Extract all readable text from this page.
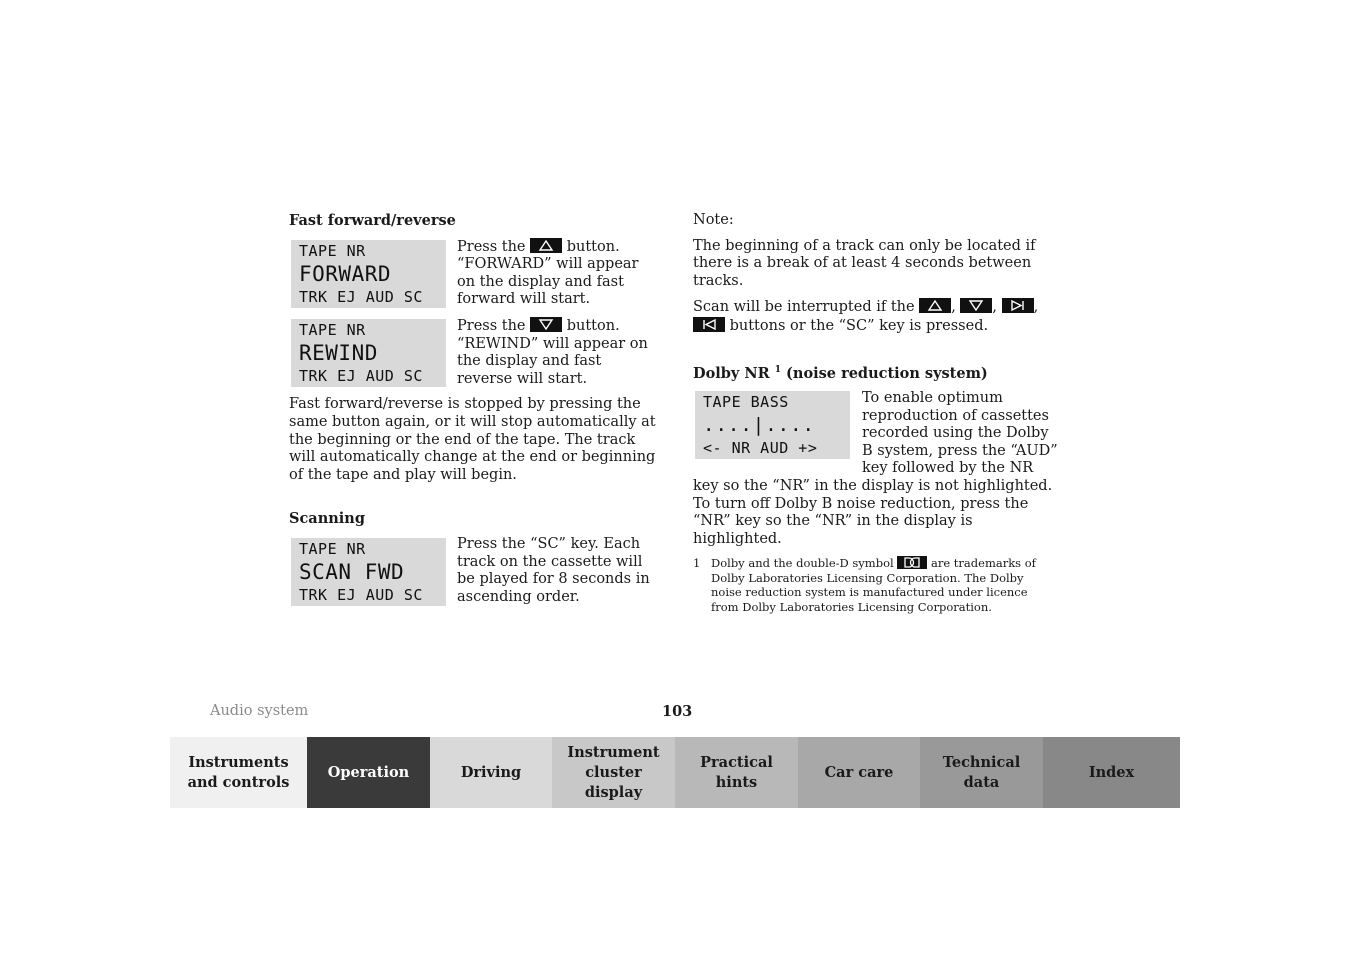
Fast forward/reverse
TAPE NR
FORWARD
TRK EJ AUD SC
Press the
button. “FORWARD” will appear on the display and fast forward will start.
TAPE NR
REWIND
TRK EJ AUD SC
Press the
button. “REWIND” will appear on the display and fast reverse will start.
Fast forward/reverse is stopped by pressing the same button again, or it will stop automatically at the beginning or the end of the tape. The track will automatically change at the end or beginning of the tape and play will begin.
Scanning
TAPE NR
SCAN FWD
TRK EJ AUD SC
Press the “SC” key. Each track on the cassette will be played for 8 seconds in ascending order.
Note:
The beginning of a track can only be located if there is a break of at least 4 seconds between tracks.
Scan will be interrupted if the
,
,
,
buttons or the “SC” key is pressed.
Dolby NR $^1$ (noise reduction system)
TAPE BASS
....|....
<- NR AUD +>
To enable optimum reproduction of cassettes recorded using the Dolby B system, press the “AUD” key followed by the NR key so the “NR” in the display is not highlighted. To turn off Dolby B noise reduction, press the “NR” key so the “NR” in the display is highlighted.
1 Dolby and the double-D symbol	are trademarks of Dolby Laboratories Licensing Corporation. The Dolby noise reduction system is manufactured under licence from Dolby Laboratories Licensing Corporation.
Audio system	103
Instruments
and controls
Operation	Driving
Instrument
cluster display
Practical hints
Car care
Technical
data
Index
